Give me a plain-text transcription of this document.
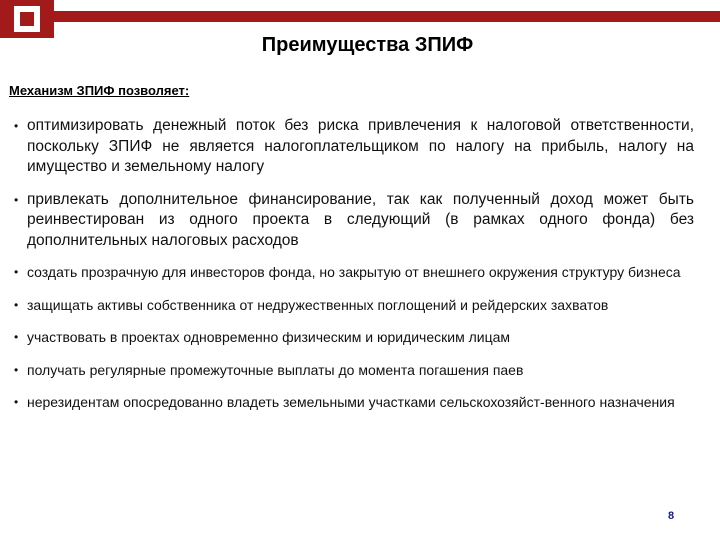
Преимущества ЗПИФ
Механизм ЗПИФ позволяет:
• оптимизировать денежный поток без риска привлечения к налоговой ответственности, поскольку ЗПИФ не является налогоплательщиком по налогу на прибыль, налогу на имущество и земельному налогу
• привлекать дополнительное финансирование, так как полученный доход может быть реинвестирован из одного проекта в следующий (в рамках одного фонда) без дополнительных налоговых расходов
• создать прозрачную для инвесторов фонда, но закрытую от внешнего окружения структуру бизнеса
• защищать активы собственника от недружественных поглощений и рейдерских захватов
• участвовать в проектах одновременно физическим и юридическим лицам
• получать регулярные промежуточные выплаты до момента погашения паев
• нерезидентам опосредованно владеть земельными участками сельскохозяйст-венного назначения
8
